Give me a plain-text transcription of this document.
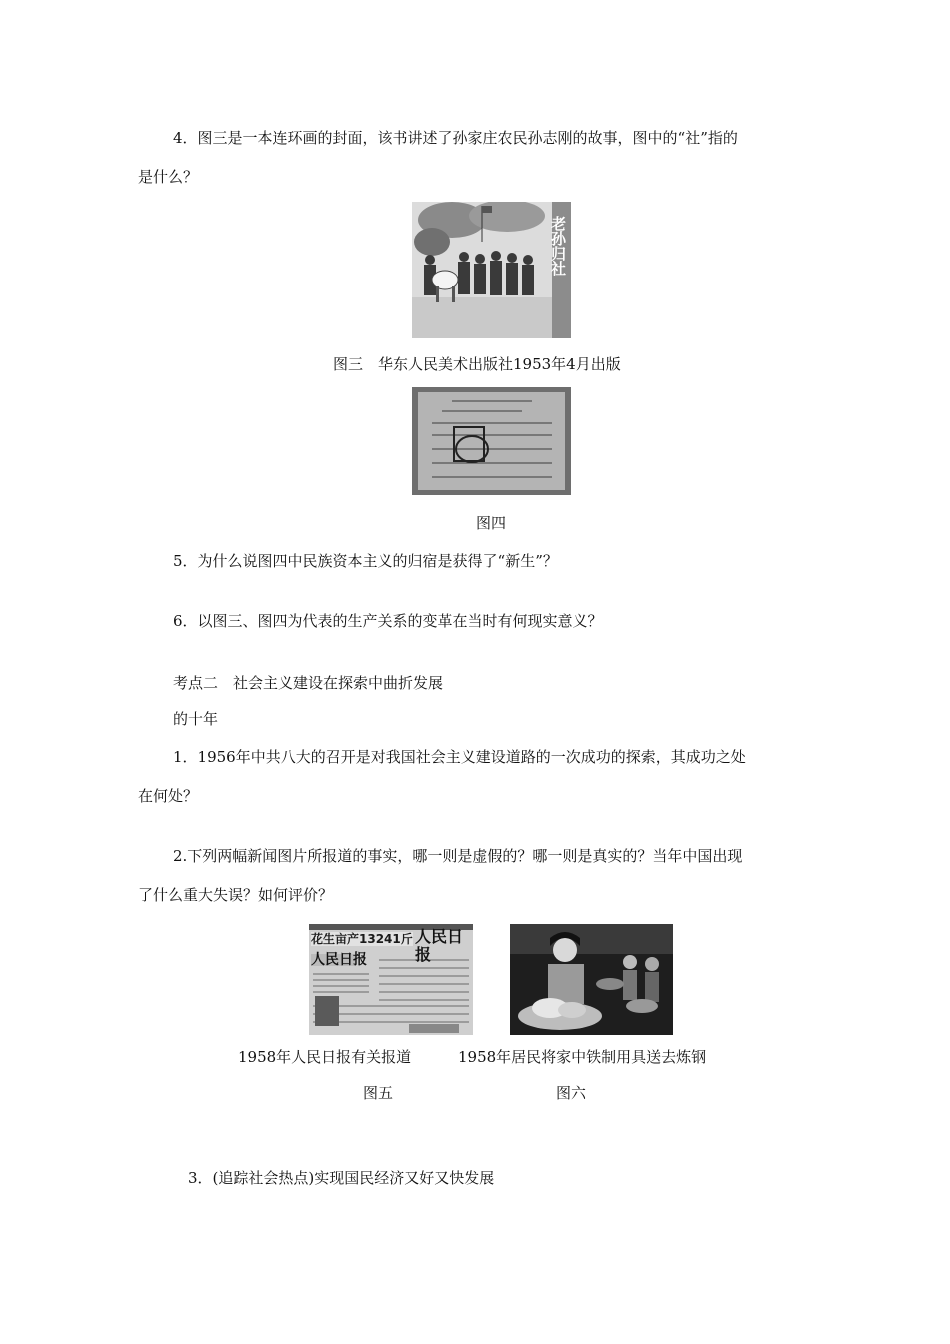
4．图三是一本连环画的封面，该书讲述了孙家庄农民孙志刚的故事，图中的“社”指的
是什么？
老孙归社
图三　华东人民美术出版社1953年4月出版
图四
5．为什么说图四中民族资本主义的归宿是获得了“新生”？
6．以图三、图四为代表的生产关系的变革在当时有何现实意义？
考点二　社会主义建设在探索中曲折发展
的十年
1．1956年中共八大的召开是对我国社会主义建设道路的一次成功的探索，其成功之处
在何处？
2.下列两幅新闻图片所报道的事实，哪一则是虚假的？哪一则是真实的？当年中国出现
了什么重大失误？如何评价？
花生亩产13241斤 人民日报
人民日报
1958年人民日报有关报道	1958年居民将家中铁制用具送去炼钢
图五	图六
3．(追踪社会热点)实现国民经济又好又快发展
